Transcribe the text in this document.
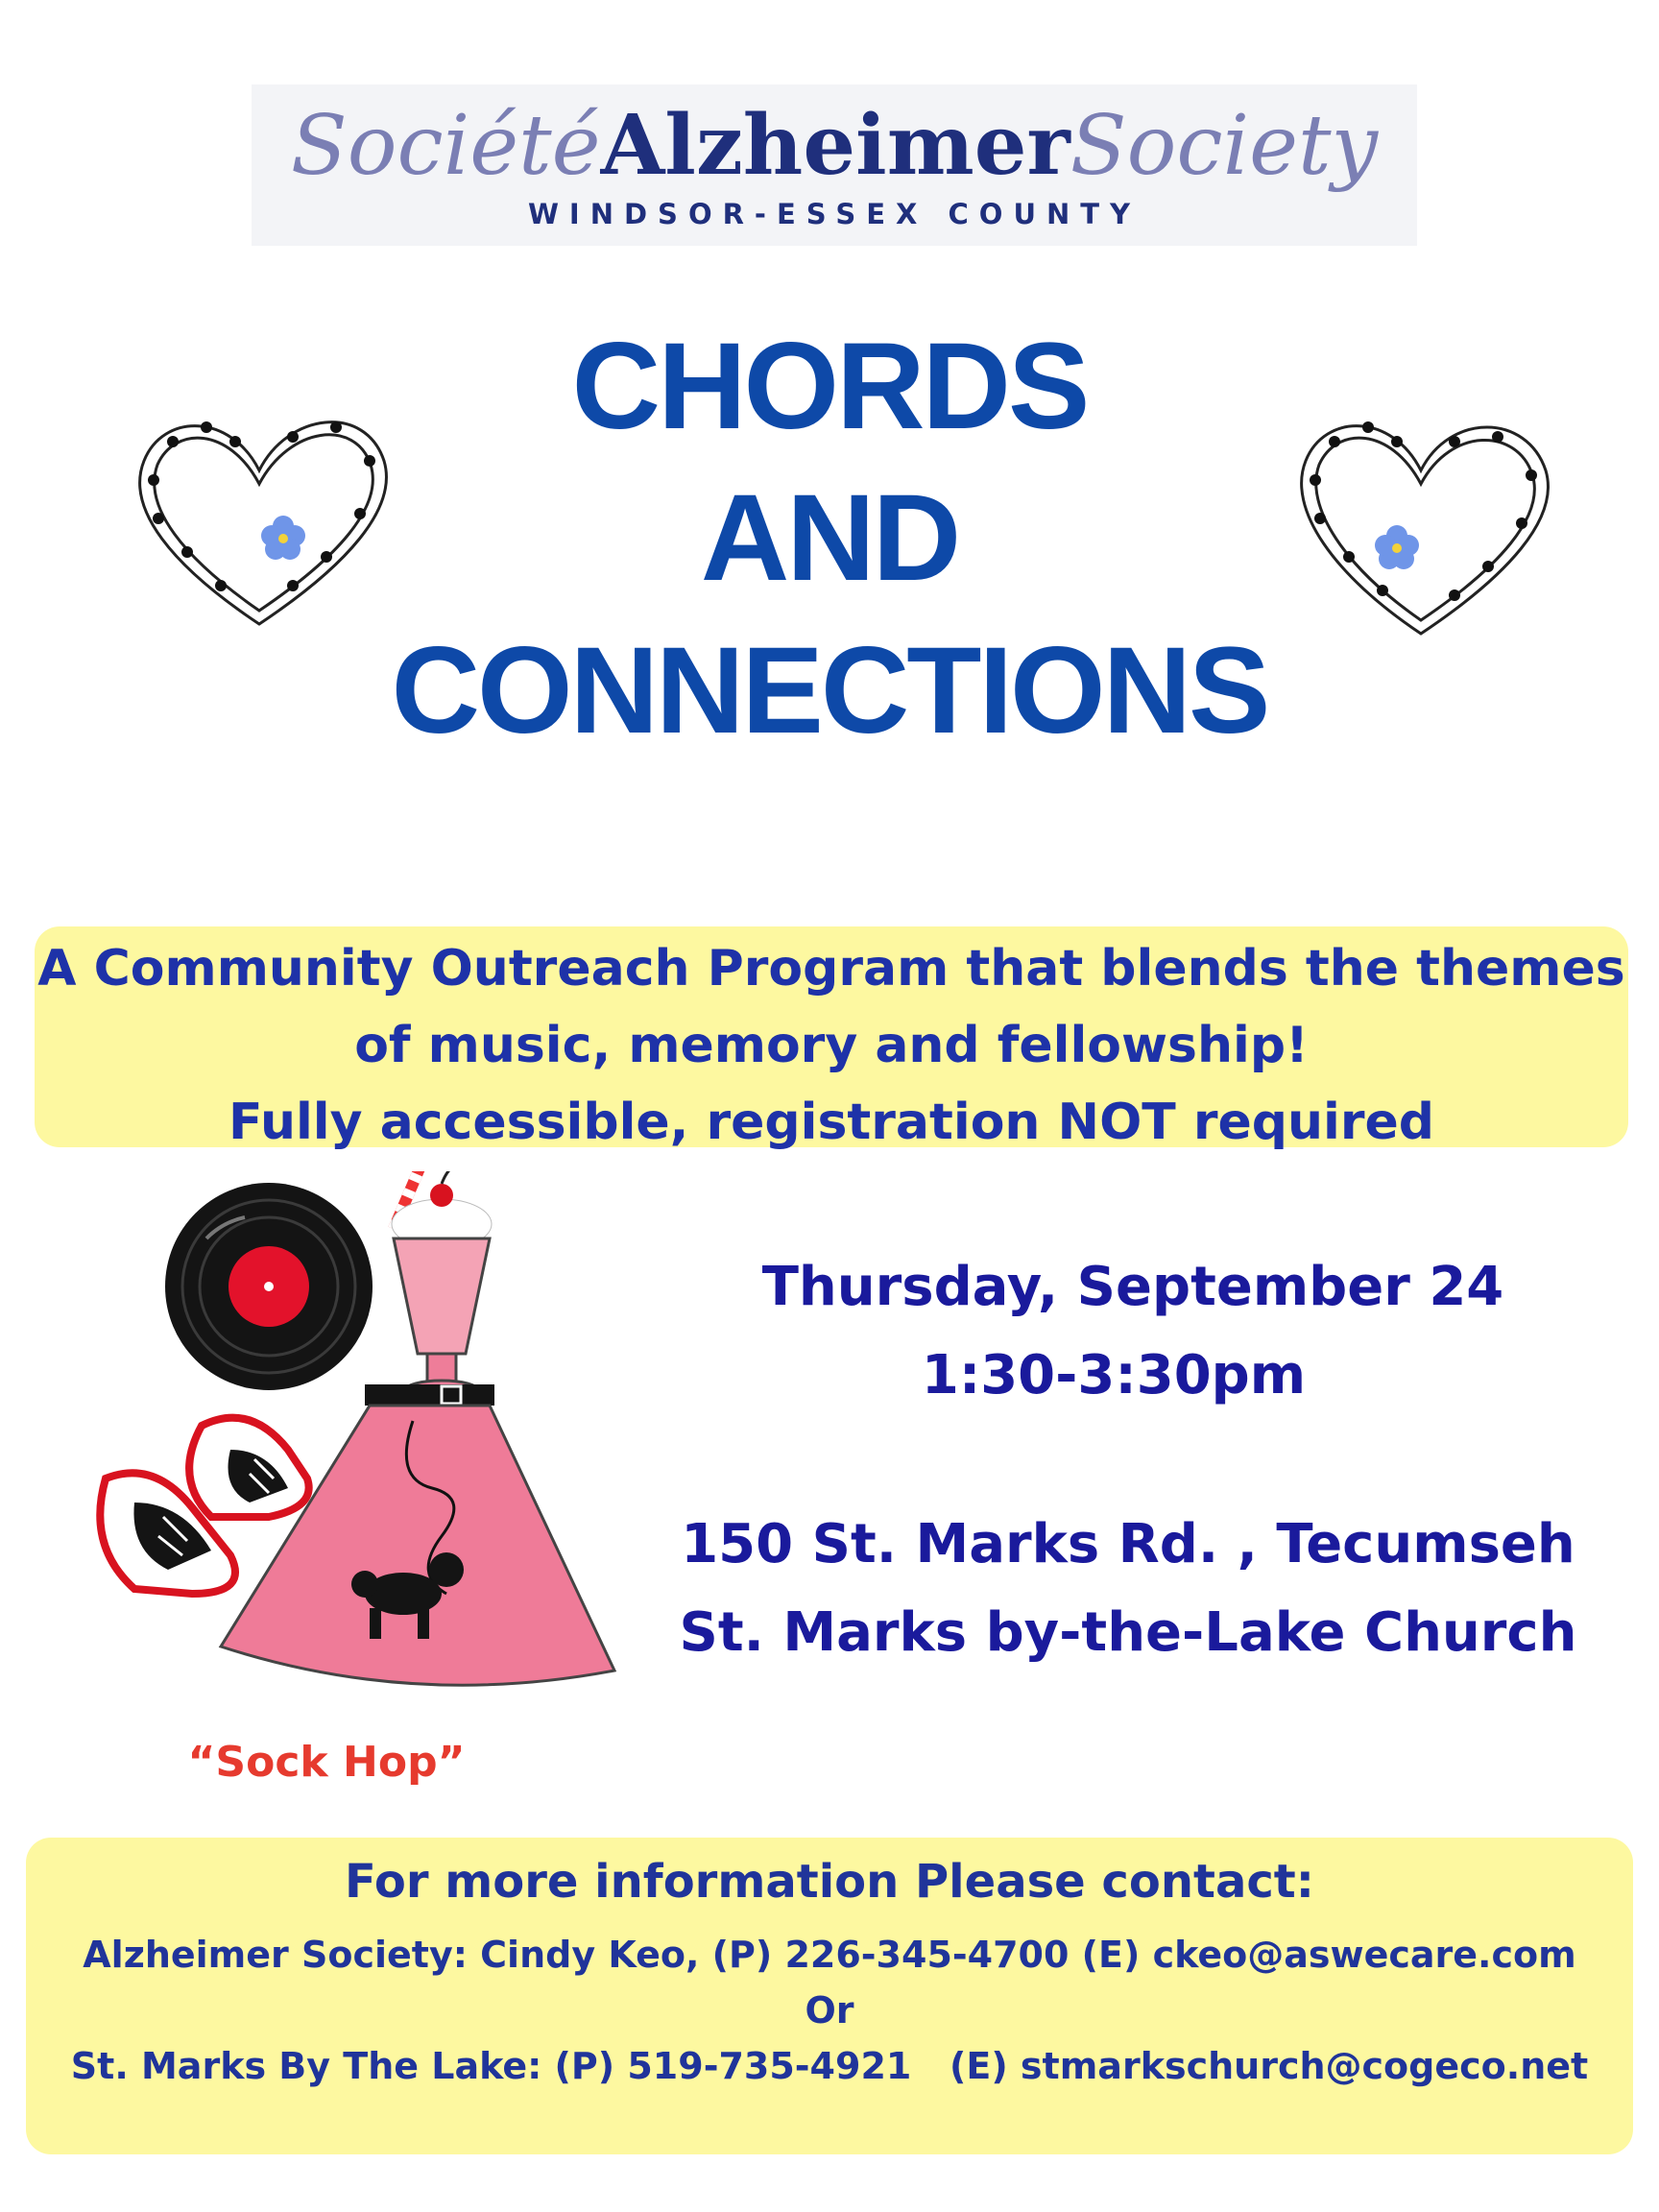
SociétéAlzheimerSociety
WINDSOR-ESSEX COUNTY
CHORDS
AND
CONNECTIONS
A Community Outreach Program that blends the themes
of music, memory and fellowship!
Fully accessible, registration NOT required
“Sock Hop”
Thursday, September 24
1:30-3:30pm
150 St. Marks Rd. , Tecumseh
St. Marks by-the-Lake Church
For more information Please contact:
Alzheimer Society: Cindy Keo, (P) 226-345-4700 (E) ckeo@aswecare.com
Or
St. Marks By The Lake: (P) 519-735-4921   (E) stmarkschurch@cogeco.net
